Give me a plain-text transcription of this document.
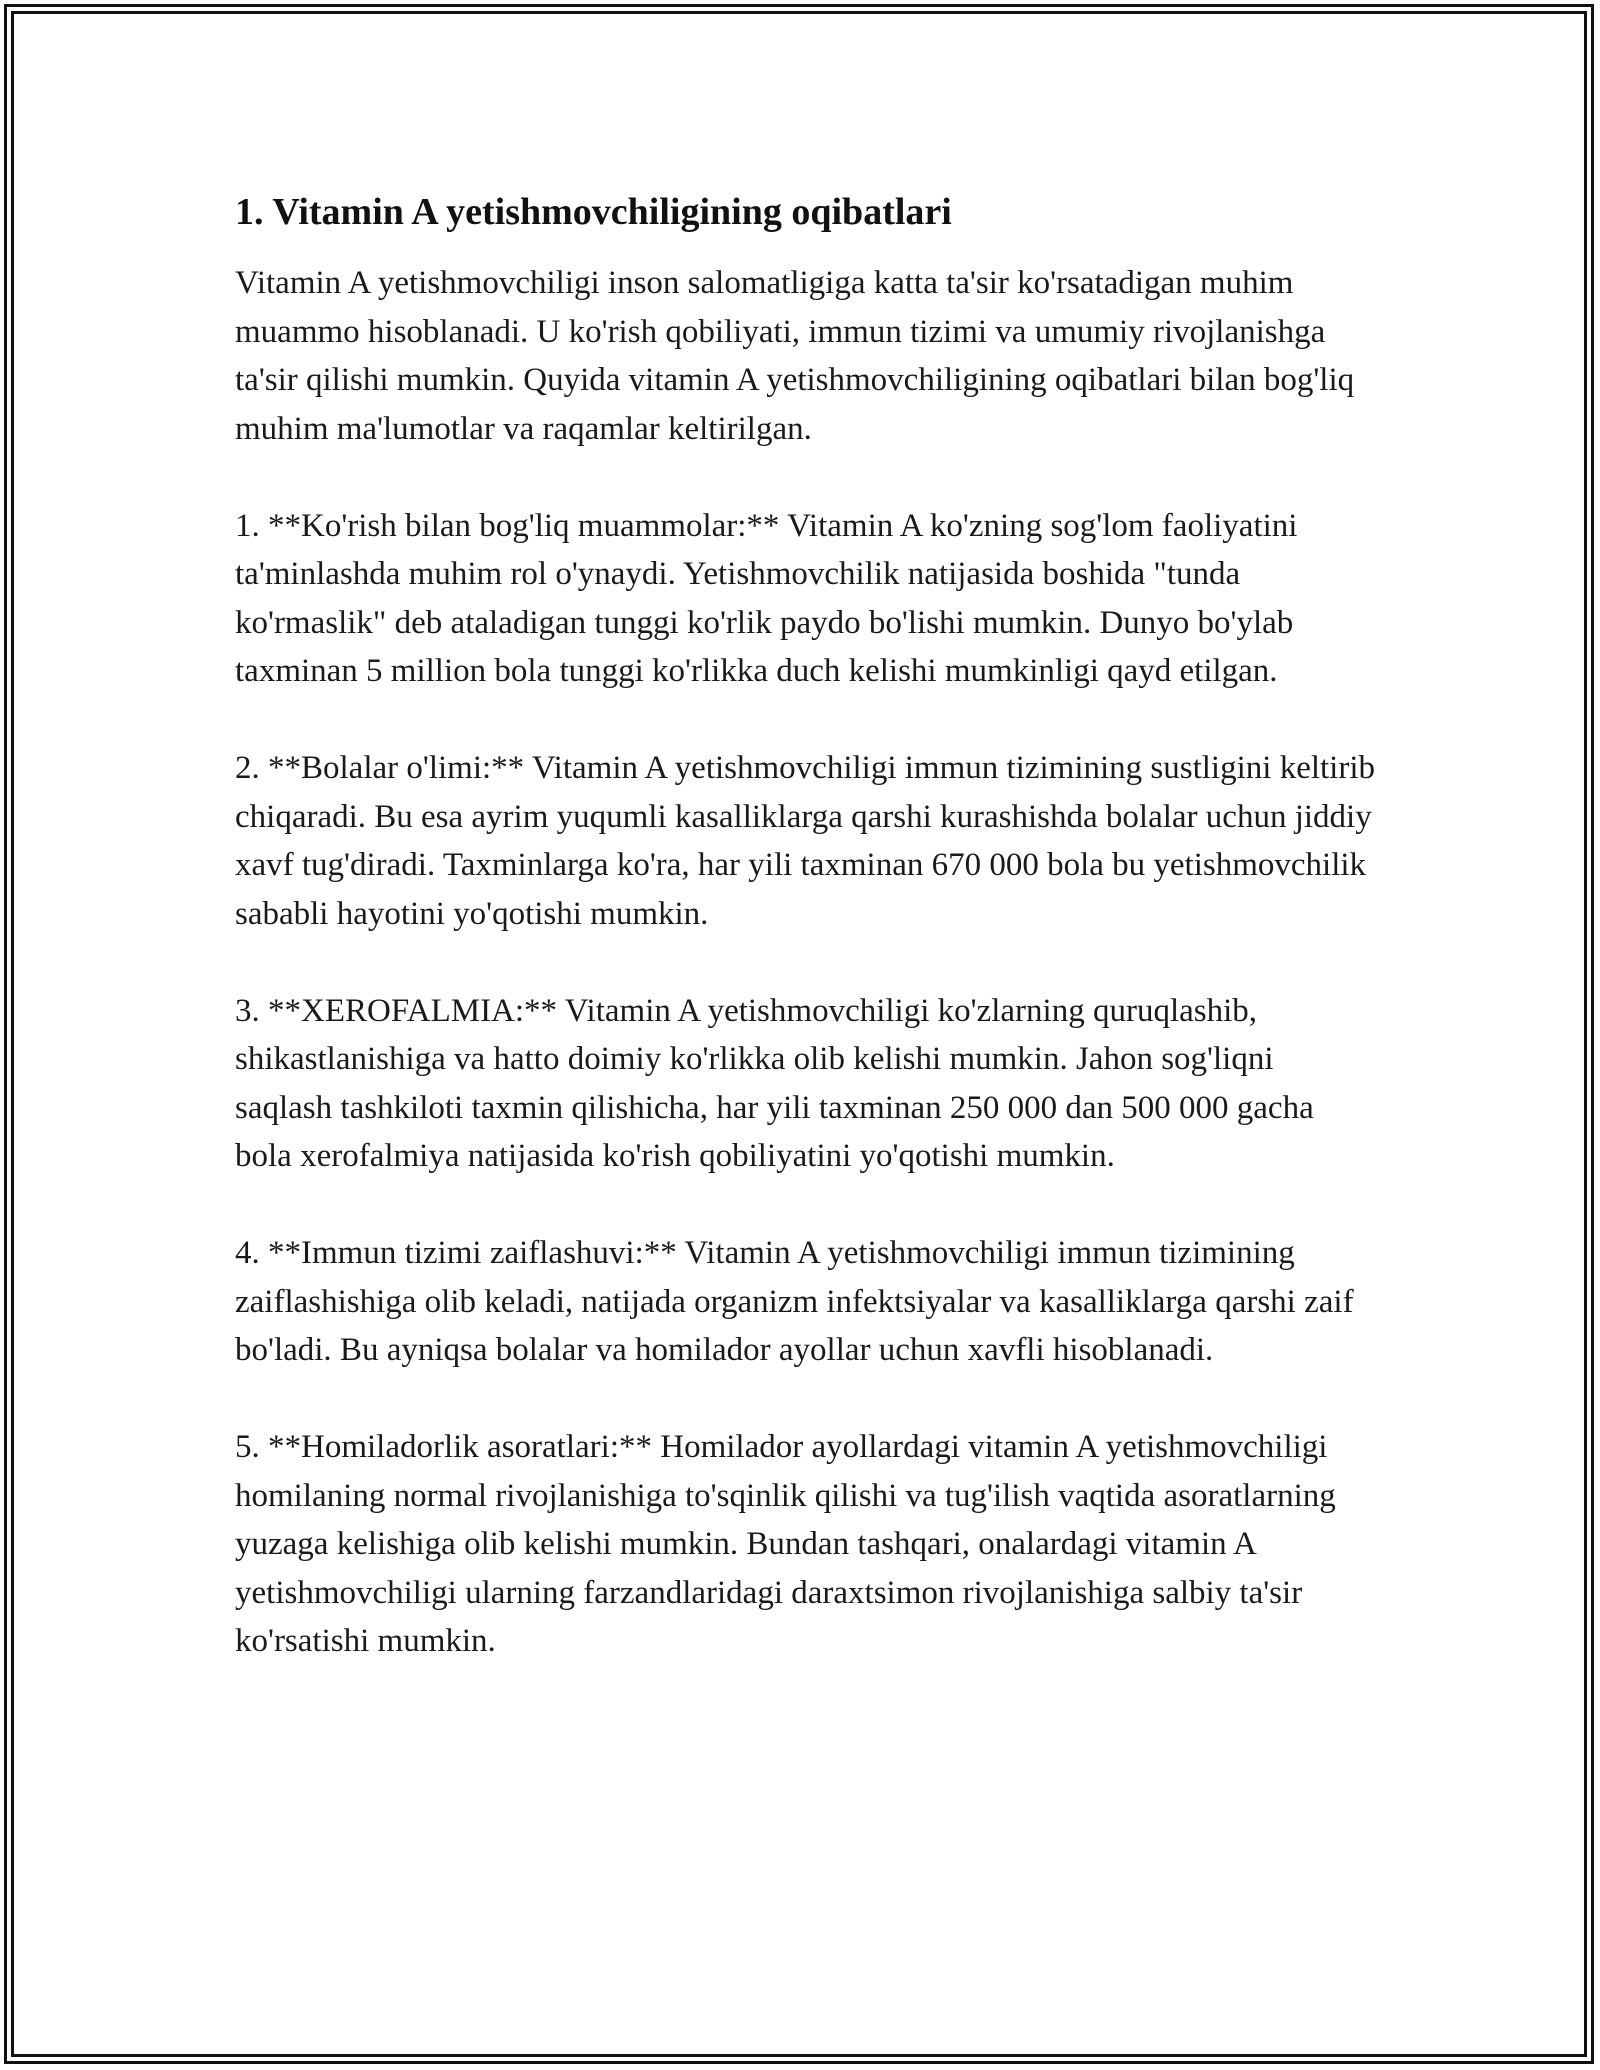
1. Vitamin A yetishmovchiligining oqibatlari

Vitamin A yetishmovchiligi inson salomatligiga katta ta'sir ko'rsatadigan muhim muammo hisoblanadi. U ko'rish qobiliyati, immun tizimi va umumiy rivojlanishga ta'sir qilishi mumkin. Quyida vitamin A yetishmovchiligining oqibatlari bilan bog'liq muhim ma'lumotlar va raqamlar keltirilgan.

1. **Ko'rish bilan bog'liq muammolar:** Vitamin A ko'zning sog'lom faoliyatini ta'minlashda muhim rol o'ynaydi. Yetishmovchilik natijasida boshida "tunda ko'rmaslik" deb ataladigan tunggi ko'rlik paydo bo'lishi mumkin. Dunyo bo'ylab taxminan 5 million bola tunggi ko'rlikka duch kelishi mumkinligi qayd etilgan.

2. **Bolalar o'limi:** Vitamin A yetishmovchiligi immun tizimining sustligini keltirib chiqaradi. Bu esa ayrim yuqumli kasalliklarga qarshi kurashishda bolalar uchun jiddiy xavf tug'diradi. Taxminlarga ko'ra, har yili taxminan 670 000 bola bu yetishmovchilik sababli hayotini yo'qotishi mumkin.

3. **XEROFALMIA:** Vitamin A yetishmovchiligi ko'zlarning quruqlashib, shikastlanishiga va hatto doimiy ko'rlikka olib kelishi mumkin. Jahon sog'liqni saqlash tashkiloti taxmin qilishicha, har yili taxminan 250 000 dan 500 000 gacha bola xerofalmiya natijasida ko'rish qobiliyatini yo'qotishi mumkin.

4. **Immun tizimi zaiflashuvi:** Vitamin A yetishmovchiligi immun tizimining zaiflashishiga olib keladi, natijada organizm infektsiyalar va kasalliklarga qarshi zaif bo'ladi. Bu ayniqsa bolalar va homilador ayollar uchun xavfli hisoblanadi.

5. **Homiladorlik asoratlari:** Homilador ayollardagi vitamin A yetishmovchiligi homilaning normal rivojlanishiga to'sqinlik qilishi va tug'ilish vaqtida asoratlarning yuzaga kelishiga olib kelishi mumkin. Bundan tashqari, onalardagi vitamin A yetishmovchiligi ularning farzandlaridagi daraxtsimon rivojlanishiga salbiy ta'sir ko'rsatishi mumkin.
